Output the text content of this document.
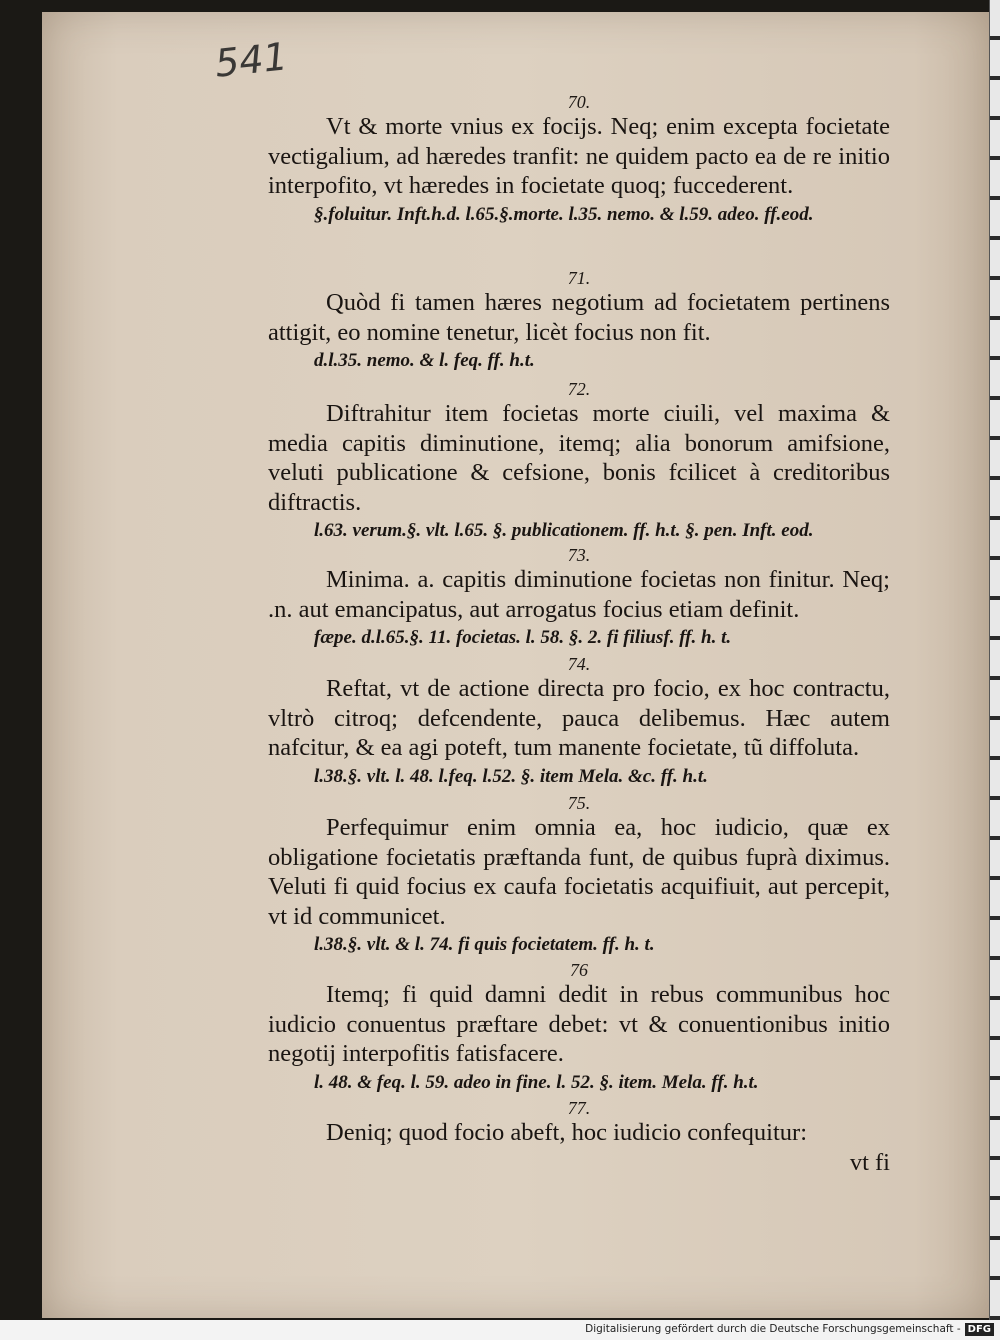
541
70.

Vt & morte vnius ex focijs. Neq; enim excepta focietate vectigalium, ad hæredes tranfit: ne quidem pacto ea de re initio interpofito, vt hæredes in focietate quoq; fuccederent.

§.foluitur. Inft.h.d. l.65.§.morte. l.35. nemo. & l.59. adeo. ff.eod.

71.

Quòd fi tamen hæres negotium ad focietatem pertinens attigit, eo nomine tenetur, licèt focius non fit.

d.l.35. nemo. & l. feq. ff. h.t.

72.

Diftrahitur item focietas morte ciuili, vel maxima & media capitis diminutione, itemq; alia bonorum amifsione, veluti publicatione & cefsione, bonis fcilicet à creditoribus diftractis.

l.63. verum.§. vlt. l.65. §. publicationem. ff. h.t. §. pen. Inft. eod.

73.

Minima. a. capitis diminutione focietas non finitur. Neq; .n. aut emancipatus, aut arrogatus focius etiam definit.

fæpe. d.l.65.§. 11. focietas. l. 58. §. 2. fi filiusf. ff. h. t.

74.

Reftat, vt de actione directa pro focio, ex hoc contractu, vltrò citroq; defcendente, pauca delibemus. Hæc autem nafcitur, & ea agi poteft, tum manente focietate, tũ diffoluta.

l.38.§. vlt. l. 48. l.feq. l.52. §. item Mela. &c. ff. h.t.

75.

Perfequimur enim omnia ea, hoc iudicio, quæ ex obligatione focietatis præftanda funt, de quibus fuprà diximus. Veluti fi quid focius ex caufa focietatis acquifiuit, aut percepit, vt id communicet.

l.38.§. vlt. & l. 74. fi quis focietatem. ff. h. t.

76

Itemq; fi quid damni dedit in rebus communibus hoc iudicio conuentus præftare debet: vt & conuentionibus initio negotij interpofitis fatisfacere.

l. 48. & feq. l. 59. adeo in fine. l. 52. §. item. Mela. ff. h.t.

77.

Deniq; quod focio abeft, hoc iudicio confequitur:

vt fi

Digitalisierung gefördert durch die Deutsche Forschungsgemeinschaft - DFG
